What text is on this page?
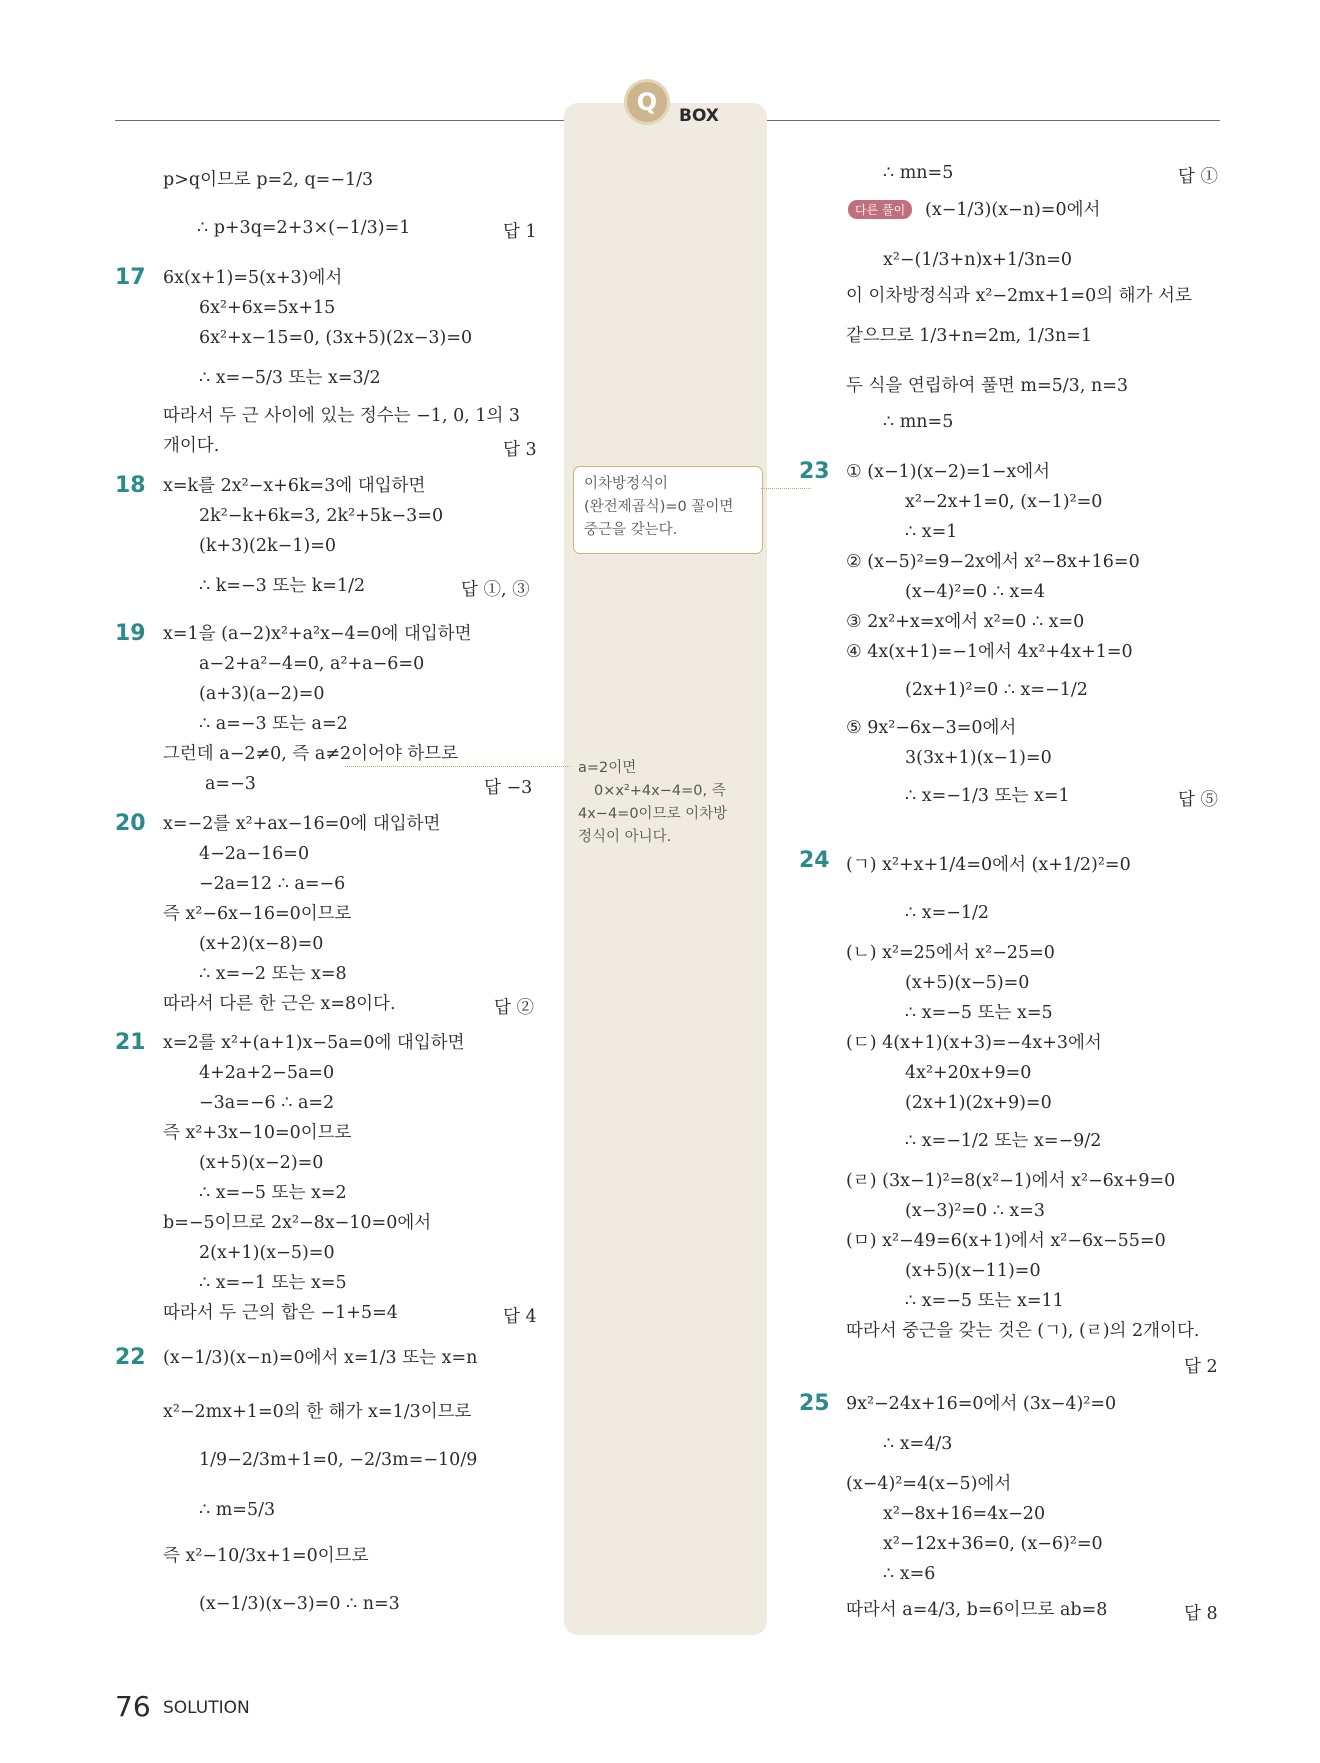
Q	BOX
p>q이므로 p=2, q=−1/3
∴ p+3q=2+3×(−1/3)=1	답 1
17 6x(x+1)=5(x+3)에서
6x²+6x=5x+15
6x²+x−15=0, (3x+5)(2x−3)=0
∴ x=−5/3 또는 x=3/2
따라서 두 근 사이에 있는 정수는 −1, 0, 1의 3
개이다.	답 3
18 x=k를 2x²−x+6k=3에 대입하면
2k²−k+6k=3, 2k²+5k−3=0
(k+3)(2k−1)=0
∴ k=−3 또는 k=1/2	답 ①, ③
19 x=1을 (a−2)x²+a²x−4=0에 대입하면
a−2+a²−4=0, a²+a−6=0
(a+3)(a−2)=0
∴ a=−3 또는 a=2
그런데 a−2≠0, 즉 a≠2이어야 하므로
a=−3	답 −3
20 x=−2를 x²+ax−16=0에 대입하면
4−2a−16=0
−2a=12 ∴ a=−6
즉 x²−6x−16=0이므로
(x+2)(x−8)=0
∴ x=−2 또는 x=8
따라서 다른 한 근은 x=8이다.	답 ②
21 x=2를 x²+(a+1)x−5a=0에 대입하면
4+2a+2−5a=0
−3a=−6 ∴ a=2
즉 x²+3x−10=0이므로
(x+5)(x−2)=0
∴ x=−5 또는 x=2
b=−5이므로 2x²−8x−10=0에서
2(x+1)(x−5)=0
∴ x=−1 또는 x=5
따라서 두 근의 합은 −1+5=4	답 4
22 (x−1/3)(x−n)=0에서 x=1/3 또는 x=n
x²−2mx+1=0의 한 해가 x=1/3이므로
1/9−2/3m+1=0, −2/3m=−10/9
∴ m=5/3
즉 x²−10/3x+1=0이므로
(x−1/3)(x−3)=0 ∴ n=3
이차방정식이
(완전제곱식)=0 꼴이면
중근을 갖는다.
a=2이면
0×x²+4x−4=0, 즉
4x−4=0이므로 이차방
정식이 아니다.
∴ mn=5	답 ①
다른 풀이	(x−1/3)(x−n)=0에서
x²−(1/3+n)x+1/3n=0
이 이차방정식과 x²−2mx+1=0의 해가 서로
같으므로 1/3+n=2m, 1/3n=1
두 식을 연립하여 풀면 m=5/3, n=3
∴ mn=5
23 ① (x−1)(x−2)=1−x에서
x²−2x+1=0, (x−1)²=0
∴ x=1
② (x−5)²=9−2x에서 x²−8x+16=0
(x−4)²=0 ∴ x=4
③ 2x²+x=x에서 x²=0 ∴ x=0
④ 4x(x+1)=−1에서 4x²+4x+1=0
(2x+1)²=0 ∴ x=−1/2
⑤ 9x²−6x−3=0에서
3(3x+1)(x−1)=0
∴ x=−1/3 또는 x=1	답 ⑤
24 (ㄱ) x²+x+1/4=0에서 (x+1/2)²=0
∴ x=−1/2
(ㄴ) x²=25에서 x²−25=0
(x+5)(x−5)=0
∴ x=−5 또는 x=5
(ㄷ) 4(x+1)(x+3)=−4x+3에서
4x²+20x+9=0
(2x+1)(2x+9)=0
∴ x=−1/2 또는 x=−9/2
(ㄹ) (3x−1)²=8(x²−1)에서 x²−6x+9=0
(x−3)²=0 ∴ x=3
(ㅁ) x²−49=6(x+1)에서 x²−6x−55=0
(x+5)(x−11)=0
∴ x=−5 또는 x=11
따라서 중근을 갖는 것은 (ㄱ), (ㄹ)의 2개이다.
답 2
25 9x²−24x+16=0에서 (3x−4)²=0
∴ x=4/3
(x−4)²=4(x−5)에서
x²−8x+16=4x−20
x²−12x+36=0, (x−6)²=0
∴ x=6
따라서 a=4/3, b=6이므로 ab=8	답 8
76 SOLUTION
